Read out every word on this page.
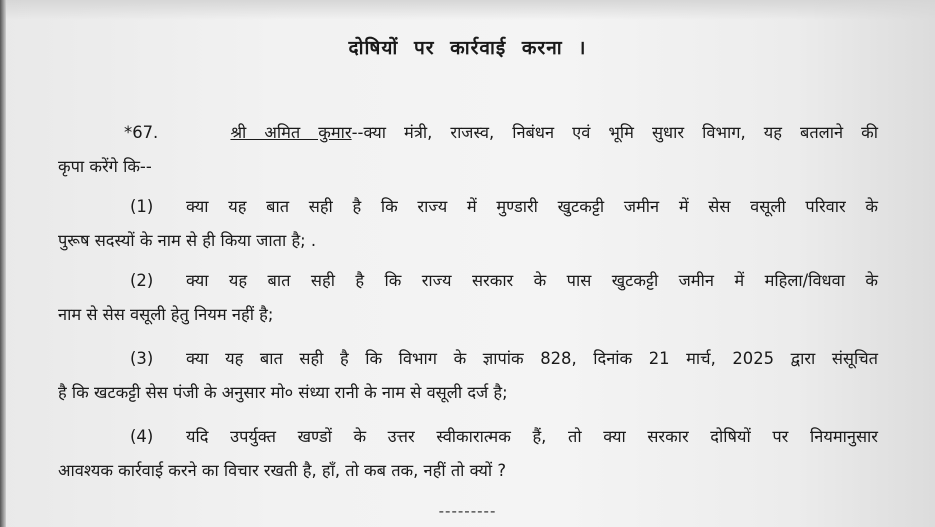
दोषियों पर कार्रवाई करना ।
*67.	श्री अमित कुमार--क्या मंत्री, राजस्व, निबंधन एवं भूमि सुधार विभाग, यह बतलाने की
कृपा करेंगे कि--
(1) क्या यह बात सही है कि राज्य में मुण्डारी खुटकट्टी जमीन में सेस वसूली परिवार के
पुरूष सदस्यों के नाम से ही किया जाता है; .
(2) क्या यह बात सही है कि राज्य सरकार के पास खुटकट्टी जमीन में महिला/विधवा के
नाम से सेस वसूली हेतु नियम नहीं है;
(3) क्या यह बात सही है कि विभाग के ज्ञापांक 828, दिनांक 21 मार्च, 2025 द्वारा संसूचित
है कि खटकट्टी सेस पंजी के अनुसार मो० संध्या रानी के नाम से वसूली दर्ज है;
(4) यदि उपर्युक्त खण्डों के उत्तर स्वीकारात्मक हैं, तो क्या सरकार दोषियों पर नियमानुसार
आवश्यक कार्रवाई करने का विचार रखती है, हाँ, तो कब तक, नहीं तो क्यों ?
---------
